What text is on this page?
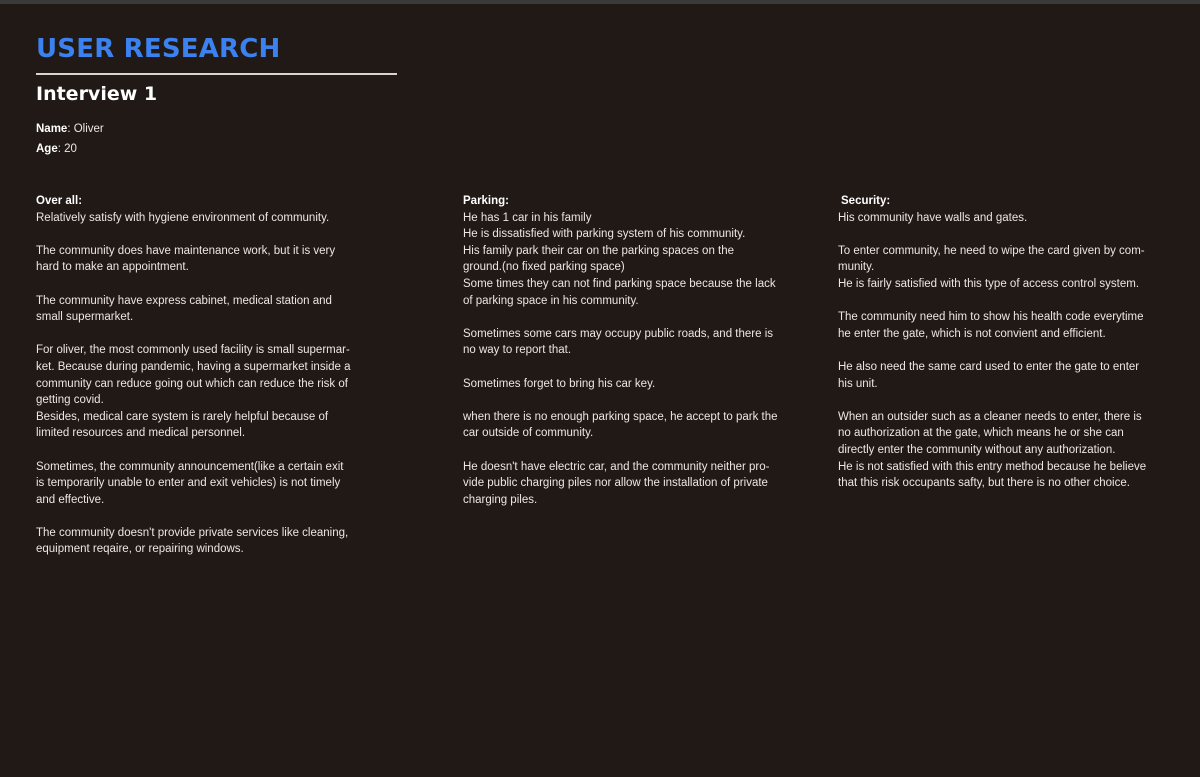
USER RESEARCH
Interview 1
Name: Oliver
Age: 20
Over all:

Relatively satisfy with hygiene environment of community.

The community does have maintenance work, but it is very

hard to make an appointment.

The community have express cabinet, medical station and

small supermarket.

For oliver, the most commonly used facility is small supermar-

ket. Because during pandemic, having a supermarket inside a

community can reduce going out which can reduce the risk of

getting covid.

Besides, medical care system is rarely helpful because of

limited resources and medical personnel.

Sometimes, the community announcement(like a certain exit

is temporarily unable to enter and exit vehicles) is not timely

and effective.

The community doesn't provide private services like cleaning,

equipment reqaire, or repairing windows.

Parking:

He has 1 car in his family

He is dissatisfied with parking system of his community.

His family park their car on the parking spaces on the

ground.(no fixed parking space)

Some times they can not find parking space because the lack

of parking space in his community.

Sometimes some cars may occupy public roads, and there is

no way to report that.

Sometimes forget to bring his car key.

when there is no enough parking space, he accept to park the

car outside of community.

He doesn't have electric car, and the community neither pro-

vide public charging piles nor allow the installation of private

charging piles.

Security:

His community have walls and gates.

To enter community, he need to wipe the card given by com-

munity.

He is fairly satisfied with this type of access control system.

The community need him to show his health code everytime

he enter the gate, which is not convient and efficient.

He also need the same card used to enter the gate to enter

his unit.

When an outsider such as a cleaner needs to enter, there is

no authorization at the gate, which means he or she can

directly enter the community without any authorization.

He is not satisfied with this entry method because he believe

that this risk occupants safty, but there is no other choice.
